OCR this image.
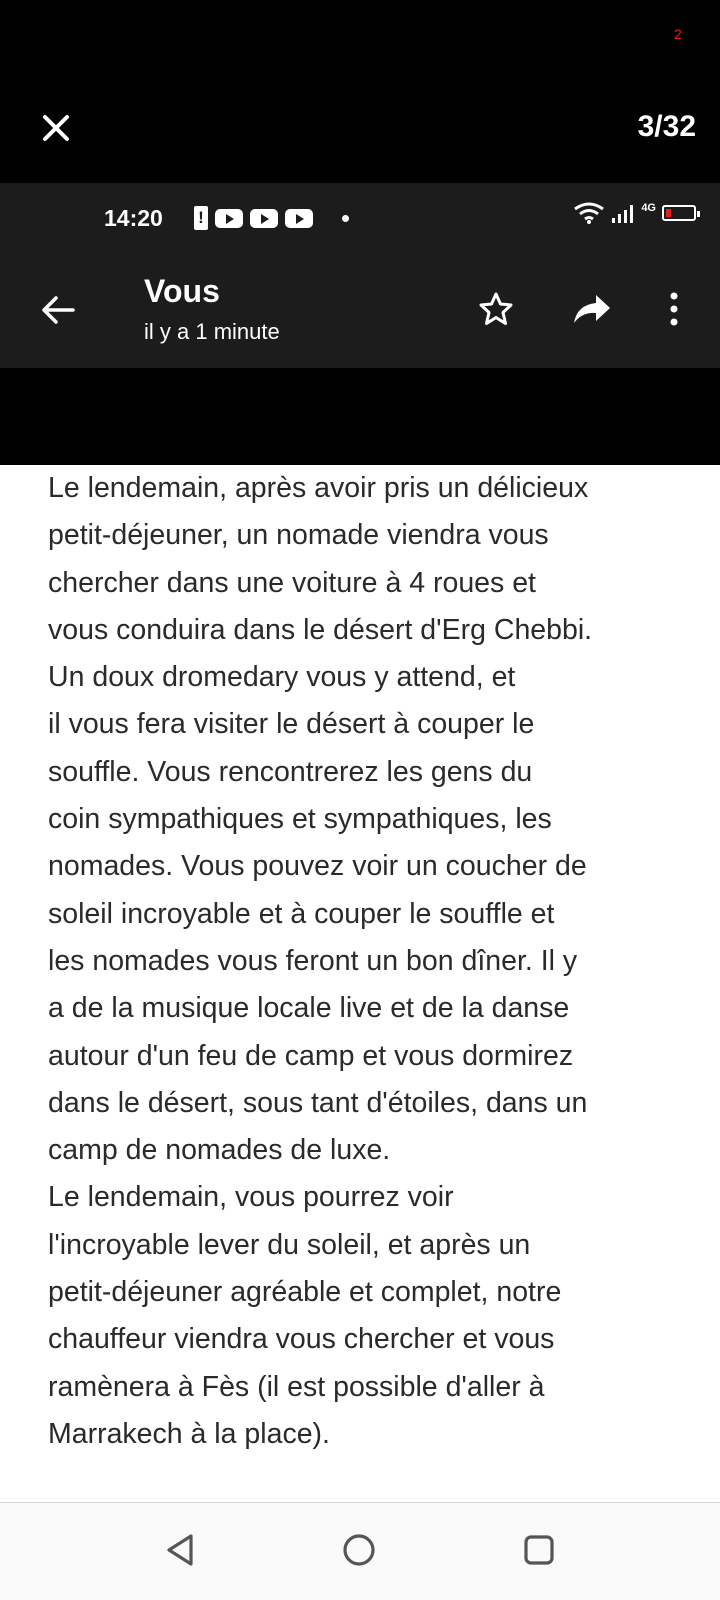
2
3/32
14:20 !	4G
Vous
il y a 1 minute
Le lendemain, après avoir pris un délicieux
petit-déjeuner, un nomade viendra vous
chercher dans une voiture à 4 roues et
vous conduira dans le désert d'Erg Chebbi.
Un doux dromedary vous y attend, et
il vous fera visiter le désert à couper le
souffle. Vous rencontrerez les gens du
coin sympathiques et sympathiques, les
nomades. Vous pouvez voir un coucher de
soleil incroyable et à couper le souffle et
les nomades vous feront un bon dîner. Il y
a de la musique locale live et de la danse
autour d'un feu de camp et vous dormirez
dans le désert, sous tant d'étoiles, dans un
camp de nomades de luxe.
Le lendemain, vous pourrez voir
l'incroyable lever du soleil, et après un
petit-déjeuner agréable et complet, notre
chauffeur viendra vous chercher et vous
ramènera à Fès (il est possible d'aller à
Marrakech à la place).
